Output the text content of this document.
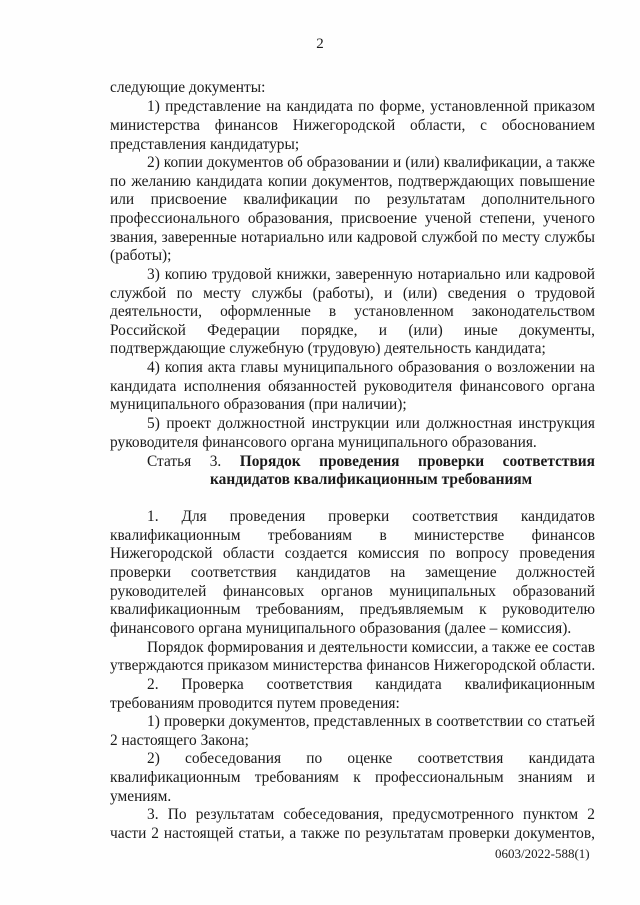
2
следующие документы:
1) представление на кандидата по форме, установленной приказом
министерства финансов Нижегородской области, с обоснованием
представления кандидатуры;
2) копии документов об образовании и (или) квалификации, а также
по желанию кандидата копии документов, подтверждающих повышение
или присвоение квалификации по результатам дополнительного
профессионального образования, присвоение ученой степени, ученого
звания, заверенные нотариально или кадровой службой по месту службы
(работы);
3) копию трудовой книжки, заверенную нотариально или кадровой
службой по месту службы (работы), и (или) сведения о трудовой
деятельности, оформленные в установленном законодательством
Российской Федерации порядке, и (или) иные документы,
подтверждающие служебную (трудовую) деятельность кандидата;
4) копия акта главы муниципального образования о возложении на
кандидата исполнения обязанностей руководителя финансового органа
муниципального образования (при наличии);
5) проект должностной инструкции или должностная инструкция
руководителя финансового органа муниципального образования.
1. Для проведения проверки соответствия кандидатов
квалификационным требованиям в министерстве финансов
Нижегородской области создается комиссия по вопросу проведения
проверки соответствия кандидатов на замещение должностей
руководителей финансовых органов муниципальных образований
квалификационным требованиям, предъявляемым к руководителю
финансового органа муниципального образования (далее – комиссия).
Порядок формирования и деятельности комиссии, а также ее состав
утверждаются приказом министерства финансов Нижегородской области.
2. Проверка соответствия кандидата квалификационным
требованиям проводится путем проведения:
1) проверки документов, представленных в соответствии со статьей
2 настоящего Закона;
2) собеседования по оценке соответствия кандидата
квалификационным требованиям к профессиональным знаниям и
умениям.
3. По результатам собеседования, предусмотренного пунктом 2
части 2 настоящей статьи, а также по результатам проверки документов,
Статья 3. Порядок проведения проверки соответствия
кандидатов квалификационным требованиям
0603/2022-588(1)
